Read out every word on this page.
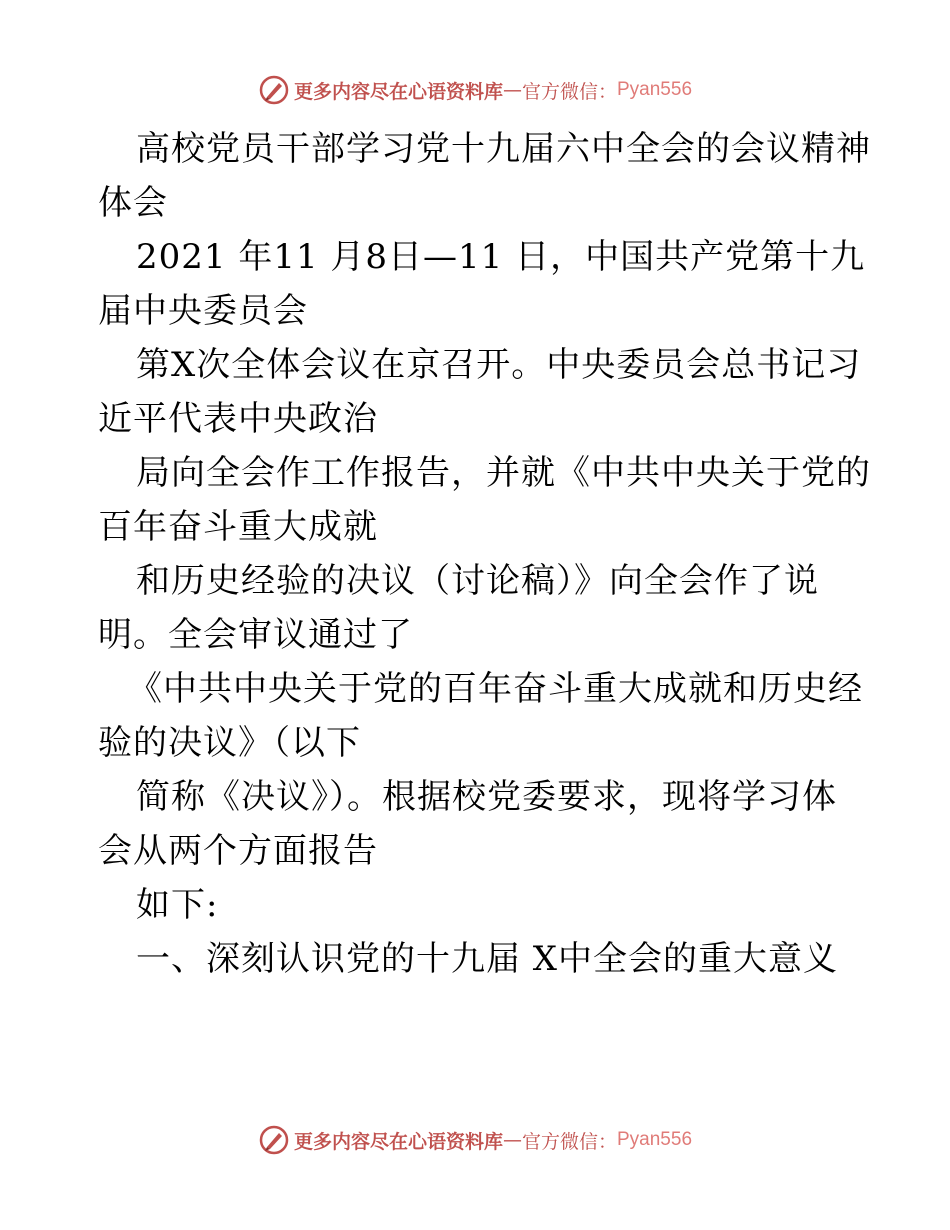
更多内容尽在心语资料库 — 官方微信： Pyan556
高校党员干部学习党十九届六中全会的会议精神
体会
2021 年11 月8日—11 日，中国共产党第十九
届中央委员会
第X次全体会议在京召开。中央委员会总书记习
近平代表中央政治
局向全会作工作报告，并就《中共中央关于党的
百年奋斗重大成就
和历史经验的决议（讨论稿）》向全会作了说
明。全会审议通过了
《中共中央关于党的百年奋斗重大成就和历史经
验的决议》（以下
简称《决议》）。根据校党委要求，现将学习体
会从两个方面报告
如下:
一、深刻认识党的十九届 X中全会的重大意义
更多内容尽在心语资料库 — 官方微信： Pyan556
